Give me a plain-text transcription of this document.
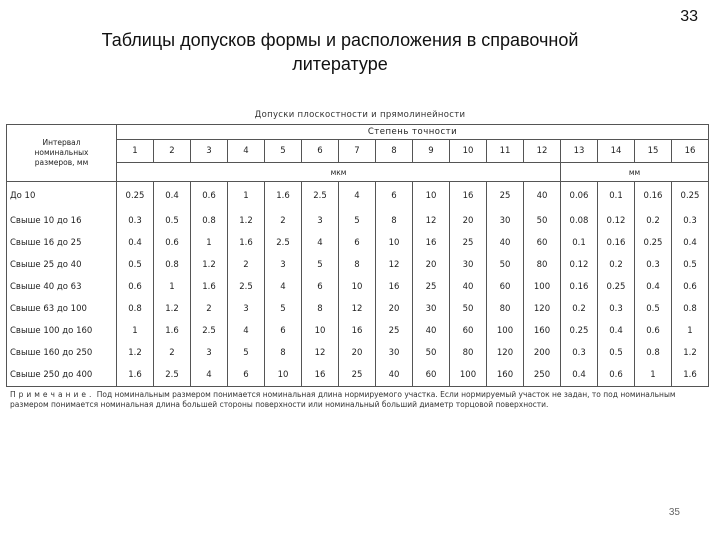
33
Таблицы допусков формы и расположения в справочной
литературе
Допуски плоскостности и прямолинейности
Интервал
номинальных
размеров, мм	Степень точности															
	1	2	3	4	5	6	7	8	9	10	11	12	13	14	15	16
	мкм												мм			
До 10	0.25	0.4	0.6	1	1.6	2.5	4	6	10	16	25	40	0.06	0.1	0.16	0.25
Свыше 10 до 16	0.3	0.5	0.8	1.2	2	3	5	8	12	20	30	50	0.08	0.12	0.2	0.3
Свыше 16 до 25	0.4	0.6	1	1.6	2.5	4	6	10	16	25	40	60	0.1	0.16	0.25	0.4
Свыше 25 до 40	0.5	0.8	1.2	2	3	5	8	12	20	30	50	80	0.12	0.2	0.3	0.5
Свыше 40 до 63	0.6	1	1.6	2.5	4	6	10	16	25	40	60	100	0.16	0.25	0.4	0.6
Свыше 63 до 100	0.8	1.2	2	3	5	8	12	20	30	50	80	120	0.2	0.3	0.5	0.8
Свыше 100 до 160	1	1.6	2.5	4	6	10	16	25	40	60	100	160	0.25	0.4	0.6	1
Свыше 160 до 250	1.2	2	3	5	8	12	20	30	50	80	120	200	0.3	0.5	0.8	1.2
Свыше 250 до 400	1.6	2.5	4	6	10	16	25	40	60	100	160	250	0.4	0.6	1	1.6
Примечание. Под номинальным размером понимается номинальная длина нормируемого участка. Если нормируемый участок не задан, то под номинальным размером понимается номинальная длина большей стороны поверхности или номинальный больший диаметр торцовой поверхности.
35
